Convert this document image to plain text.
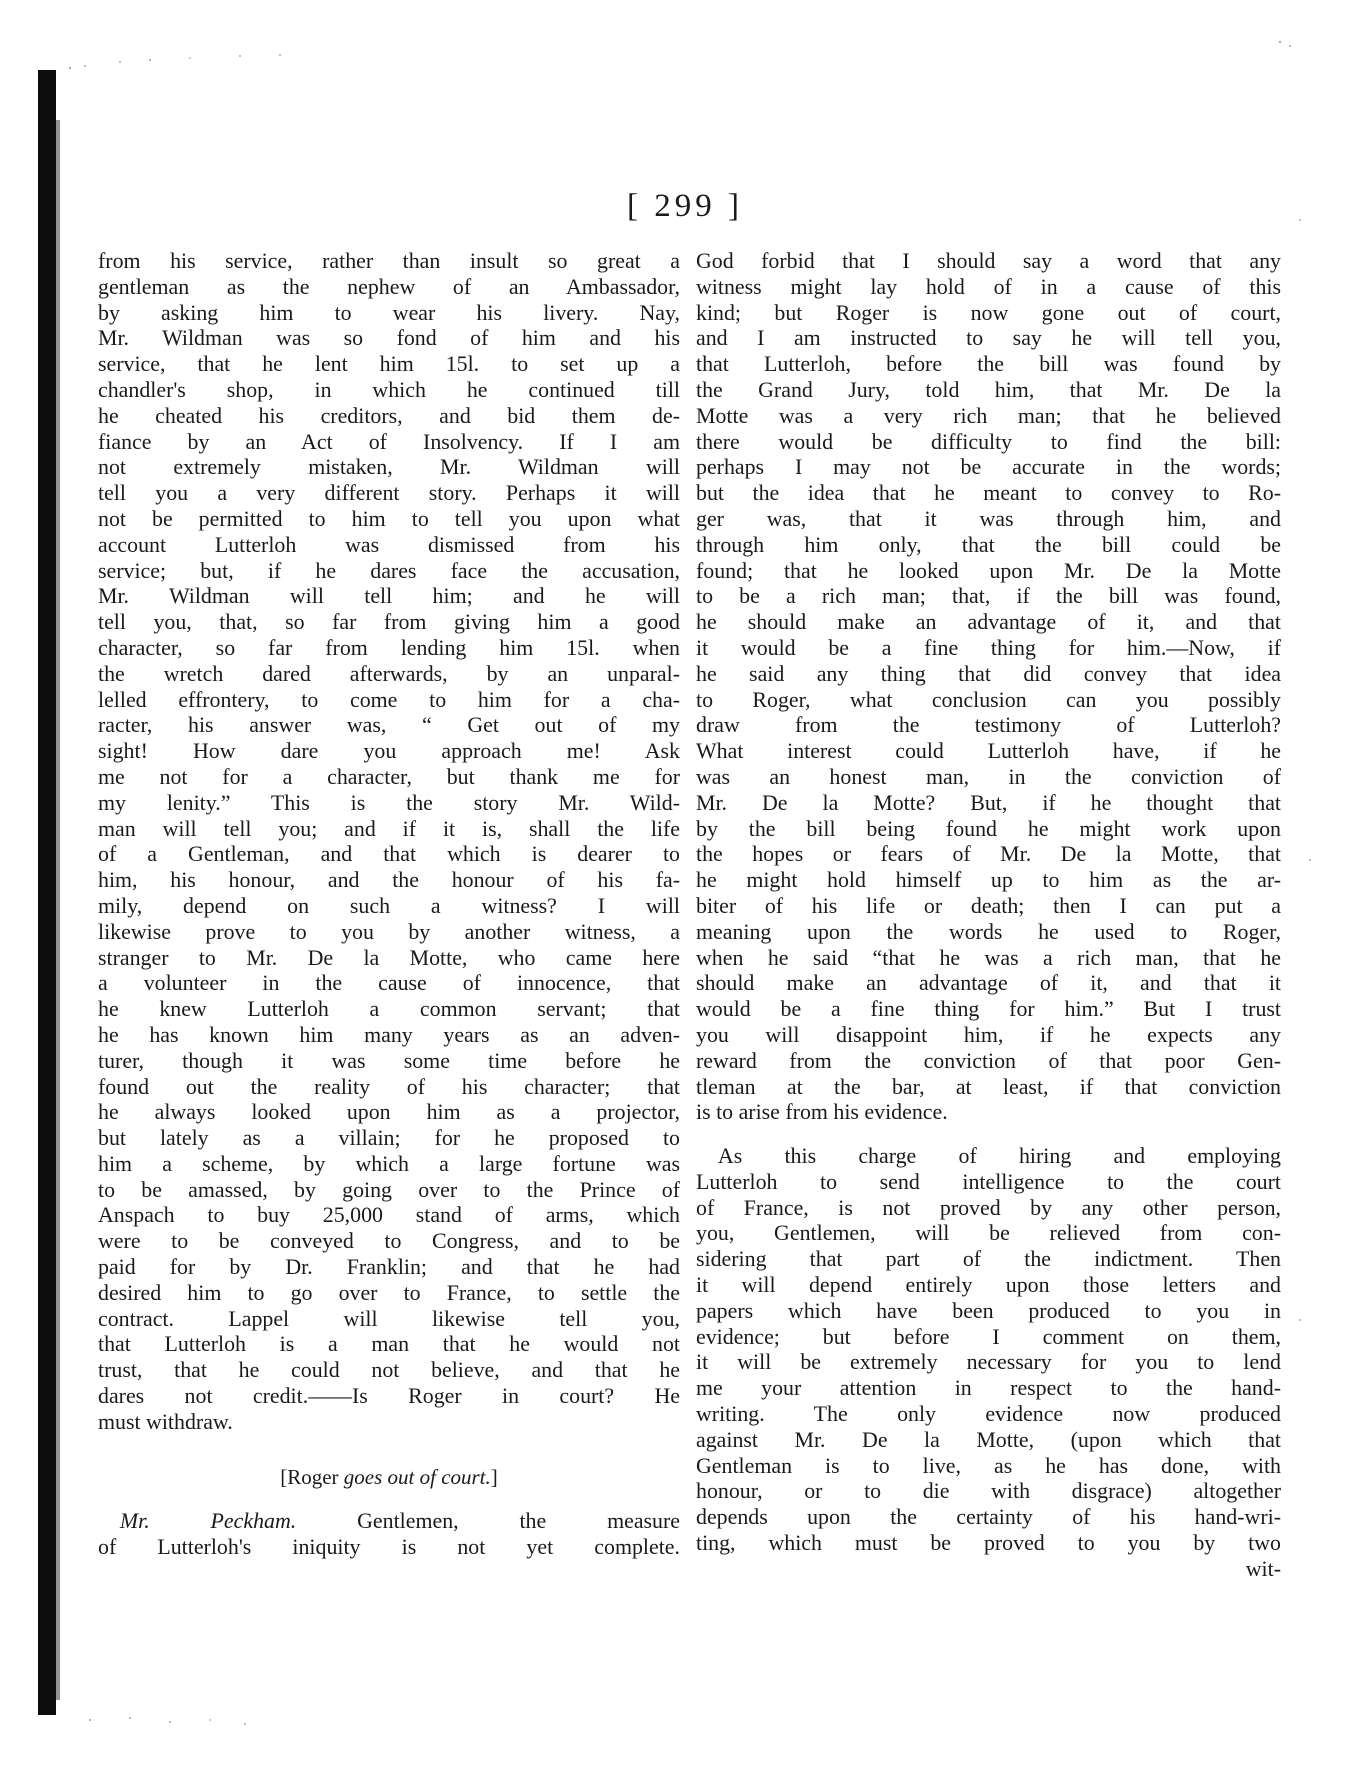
[ 299 ]
from his service, rather than insult so great a
gentleman as the nephew of an Ambassador,
by asking him to wear his livery. Nay,
Mr. Wildman was so fond of him and his
service, that he lent him 15l. to set up a
chandler's shop, in which he continued till
he cheated his creditors, and bid them de-
fiance by an Act of Insolvency. If I am
not extremely mistaken, Mr. Wildman will
tell you a very different story. Perhaps it will
not be permitted to him to tell you upon what
account Lutterloh was dismissed from his
service; but, if he dares face the accusation,
Mr. Wildman will tell him; and he will
tell you, that, so far from giving him a good
character, so far from lending him 15l. when
the wretch dared afterwards, by an unparal-
lelled effrontery, to come to him for a cha-
racter, his answer was, “ Get out of my
sight! How dare you approach me! Ask
me not for a character, but thank me for
my lenity.” This is the story Mr. Wild-
man will tell you; and if it is, shall the life
of a Gentleman, and that which is dearer to
him, his honour, and the honour of his fa-
mily, depend on such a witness? I will
likewise prove to you by another witness, a
stranger to Mr. De la Motte, who came here
a volunteer in the cause of innocence, that
he knew Lutterloh a common servant; that
he has known him many years as an adven-
turer, though it was some time before he
found out the reality of his character; that
he always looked upon him as a projector,
but lately as a villain; for he proposed to
him a scheme, by which a large fortune was
to be amassed, by going over to the Prince of
Anspach to buy 25,000 stand of arms, which
were to be conveyed to Congress, and to be
paid for by Dr. Franklin; and that he had
desired him to go over to France, to settle the
contract. Lappel will likewise tell you,
that Lutterloh is a man that he would not
trust, that he could not believe, and that he
dares not credit.——Is Roger in court? He
must withdraw.
[Roger goes out of court.]
 Mr. Peckham. Gentlemen, the measure
of Lutterloh's iniquity is not yet complete.
God forbid that I should say a word that any
witness might lay hold of in a cause of this
kind; but Roger is now gone out of court,
and I am instructed to say he will tell you,
that Lutterloh, before the bill was found by
the Grand Jury, told him, that Mr. De la
Motte was a very rich man; that he believed
there would be difficulty to find the bill:
perhaps I may not be accurate in the words;
but the idea that he meant to convey to Ro-
ger was, that it was through him, and
through him only, that the bill could be
found; that he looked upon Mr. De la Motte
to be a rich man; that, if the bill was found,
he should make an advantage of it, and that
it would be a fine thing for him.—Now, if
he said any thing that did convey that idea
to Roger, what conclusion can you possibly
draw from the testimony of Lutterloh?
What interest could Lutterloh have, if he
was an honest man, in the conviction of
Mr. De la Motte? But, if he thought that
by the bill being found he might work upon
the hopes or fears of Mr. De la Motte, that
he might hold himself up to him as the ar-
biter of his life or death; then I can put a
meaning upon the words he used to Roger,
when he said “that he was a rich man, that he
should make an advantage of it, and that it
would be a fine thing for him.” But I trust
you will disappoint him, if he expects any
reward from the conviction of that poor Gen-
tleman at the bar, at least, if that conviction
is to arise from his evidence.
 As this charge of hiring and employing
Lutterloh to send intelligence to the court
of France, is not proved by any other person,
you, Gentlemen, will be relieved from con-
sidering that part of the indictment. Then
it will depend entirely upon those letters and
papers which have been produced to you in
evidence; but before I comment on them,
it will be extremely necessary for you to lend
me your attention in respect to the hand-
writing. The only evidence now produced
against Mr. De la Motte, (upon which that
Gentleman is to live, as he has done, with
honour, or to die with disgrace) altogether
depends upon the certainty of his hand-wri-
ting, which must be proved to you by two
wit-
